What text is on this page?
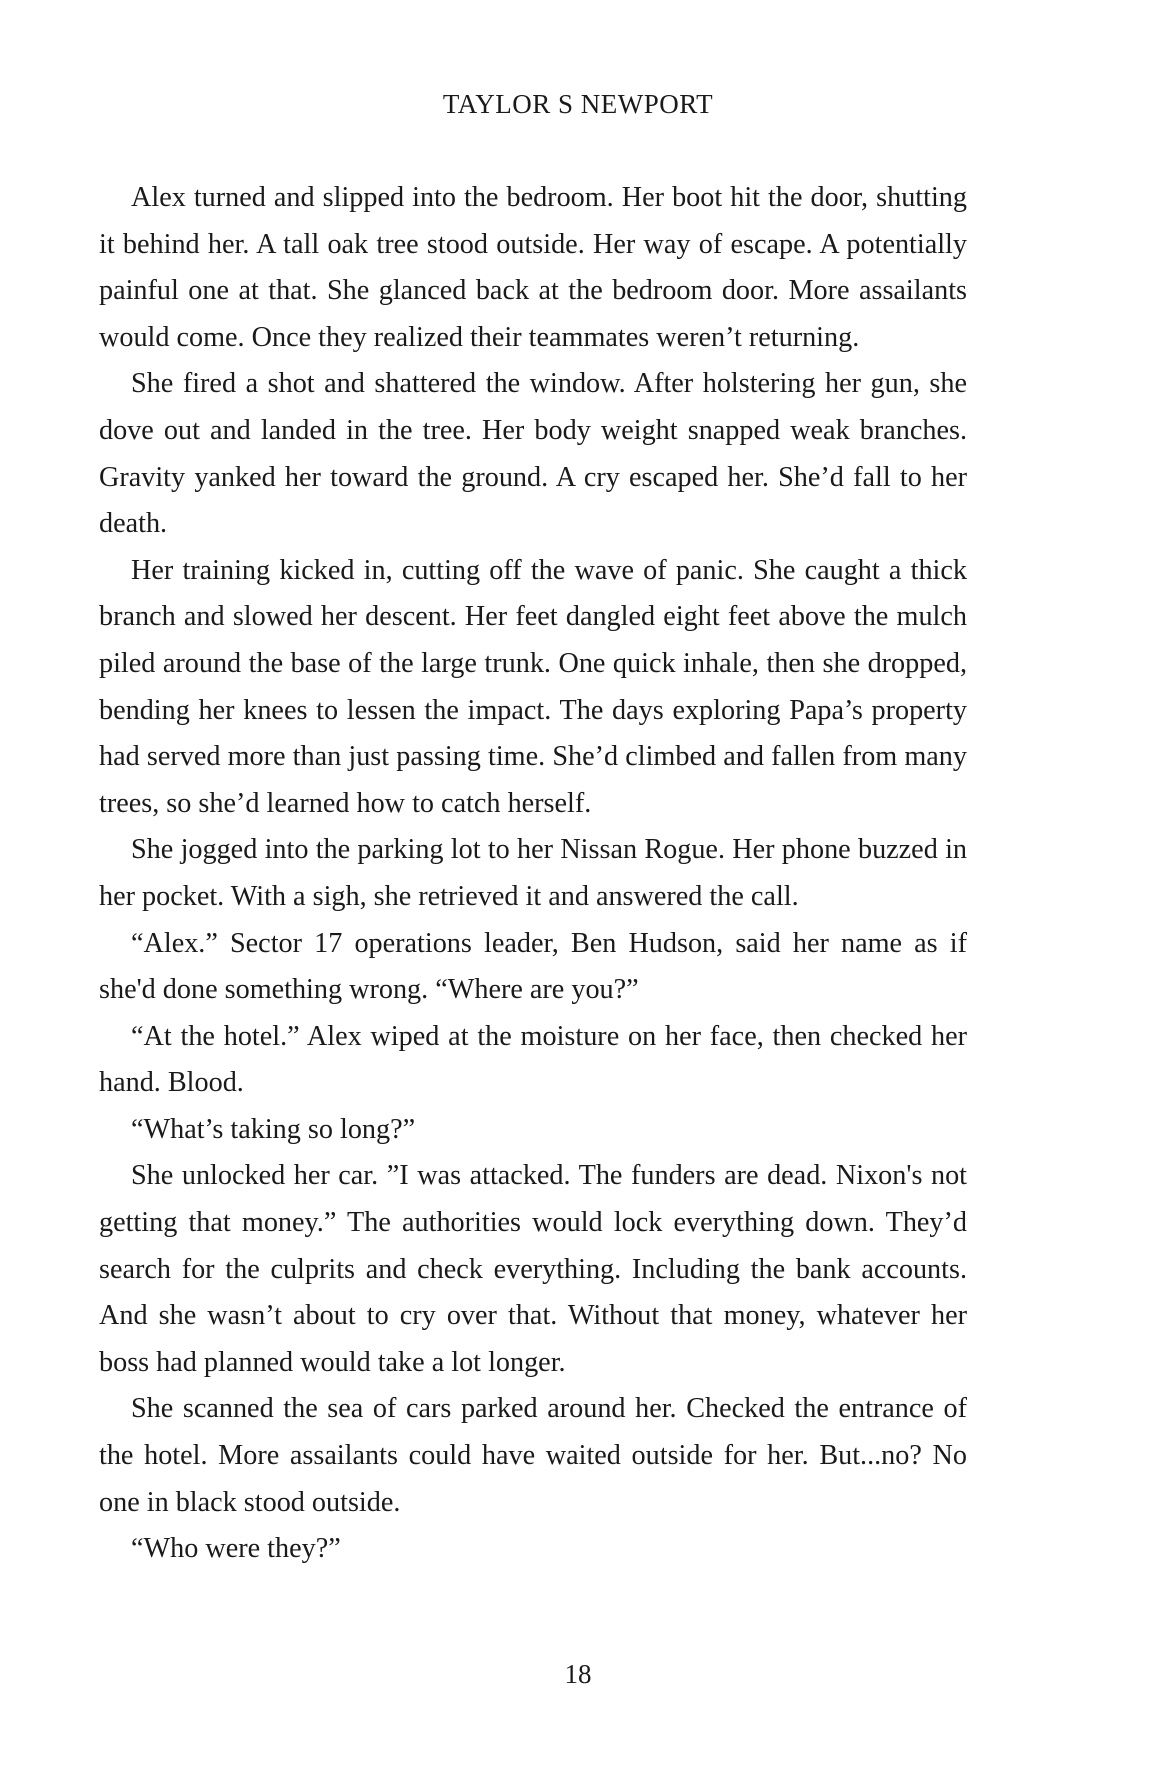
TAYLOR S NEWPORT

Alex turned and slipped into the bedroom. Her boot hit the door, shutting it behind her. A tall oak tree stood outside. Her way of escape. A potentially painful one at that. She glanced back at the bedroom door. More assailants would come. Once they realized their teammates weren’t returning.

She fired a shot and shattered the window. After holstering her gun, she dove out and landed in the tree. Her body weight snapped weak branches. Gravity yanked her toward the ground. A cry escaped her. She’d fall to her death.

Her training kicked in, cutting off the wave of panic. She caught a thick branch and slowed her descent. Her feet dangled eight feet above the mulch piled around the base of the large trunk. One quick inhale, then she dropped, bending her knees to lessen the impact. The days exploring Papa’s property had served more than just passing time. She’d climbed and fallen from many trees, so she’d learned how to catch herself.

She jogged into the parking lot to her Nissan Rogue. Her phone buzzed in her pocket. With a sigh, she retrieved it and answered the call.

“Alex.” Sector 17 operations leader, Ben Hudson, said her name as if she'd done something wrong. “Where are you?”

“At the hotel.” Alex wiped at the moisture on her face, then checked her hand. Blood.

“What’s taking so long?”

She unlocked her car. ”I was attacked. The funders are dead. Nixon's not getting that money.” The authorities would lock everything down. They’d search for the culprits and check everything. Including the bank accounts. And she wasn’t about to cry over that. Without that money, whatever her boss had planned would take a lot longer.

She scanned the sea of cars parked around her. Checked the entrance of the hotel. More assailants could have waited outside for her. But...no? No one in black stood outside.

“Who were they?”

18
